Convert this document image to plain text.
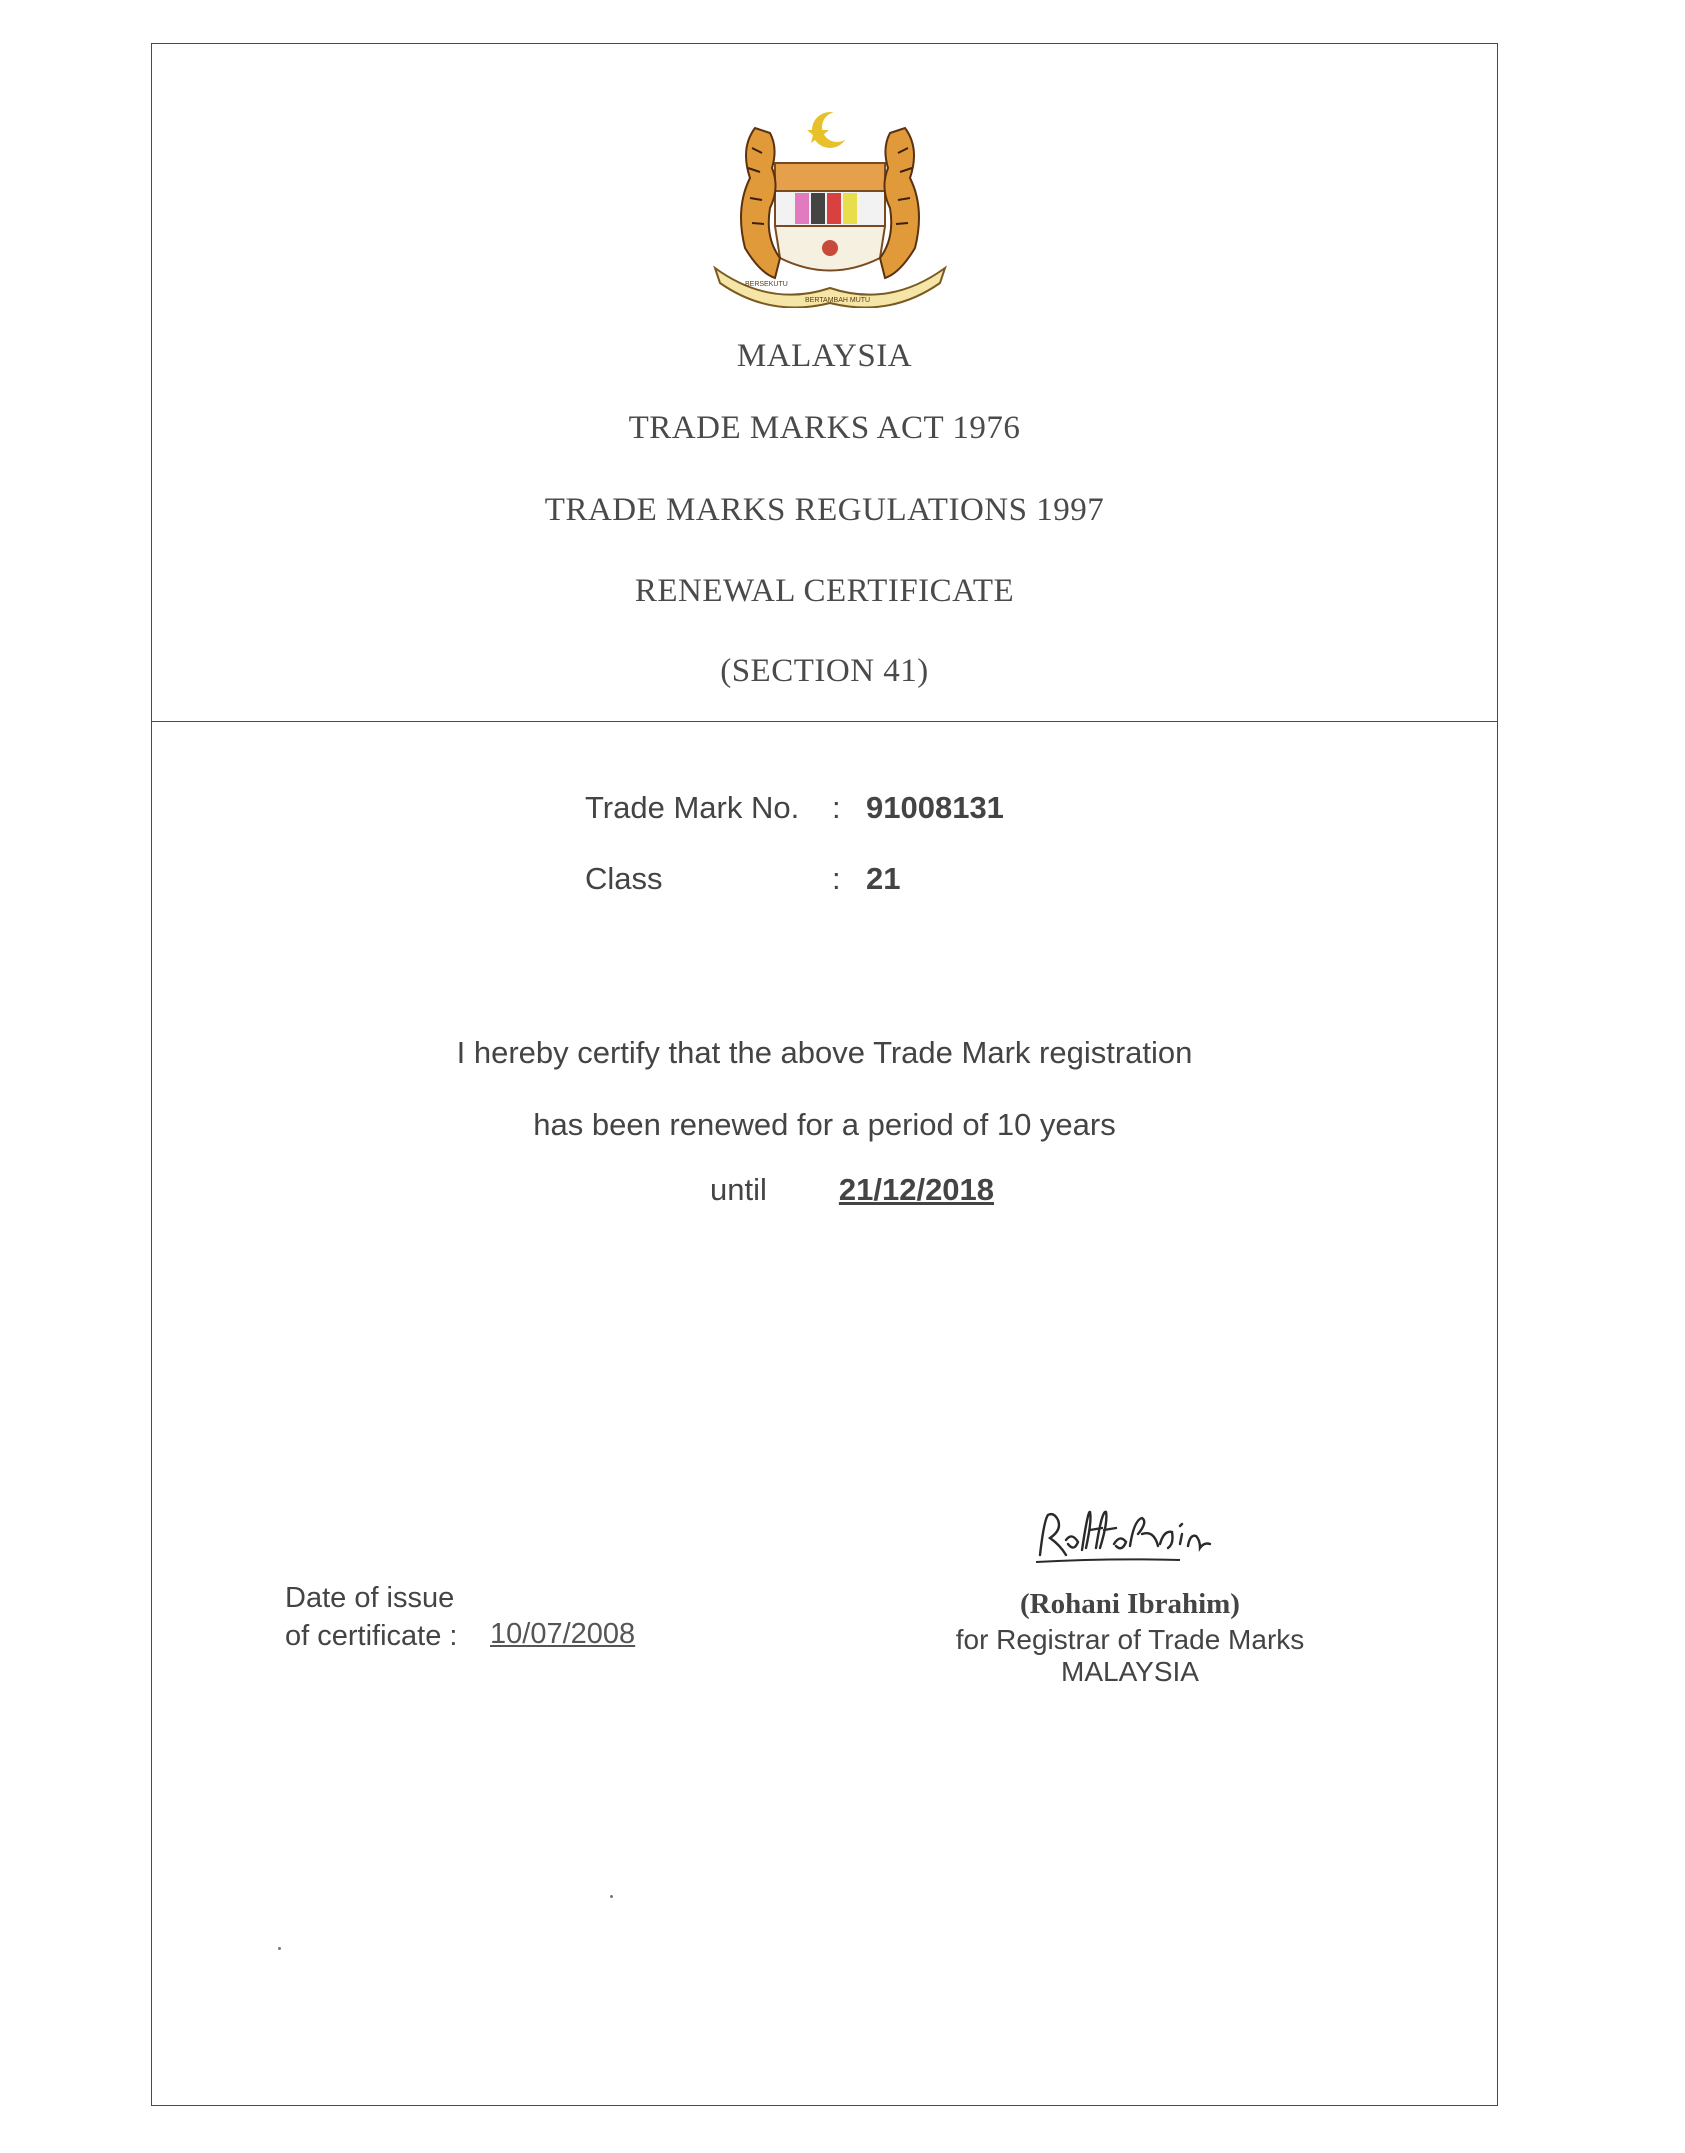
BERSEKUTU
BERTAMBAH MUTU
MALAYSIA
TRADE MARKS ACT 1976
TRADE MARKS REGULATIONS 1997
RENEWAL CERTIFICATE
(SECTION 41)
Trade Mark No. : 91008131
Class	: 21
I hereby certify that the above Trade Mark registration
has been renewed for a period of 10 years
until 21/12/2018
Date of issue
of certificate : 10/07/2008
(Rohani Ibrahim)
for Registrar of Trade Marks
MALAYSIA
